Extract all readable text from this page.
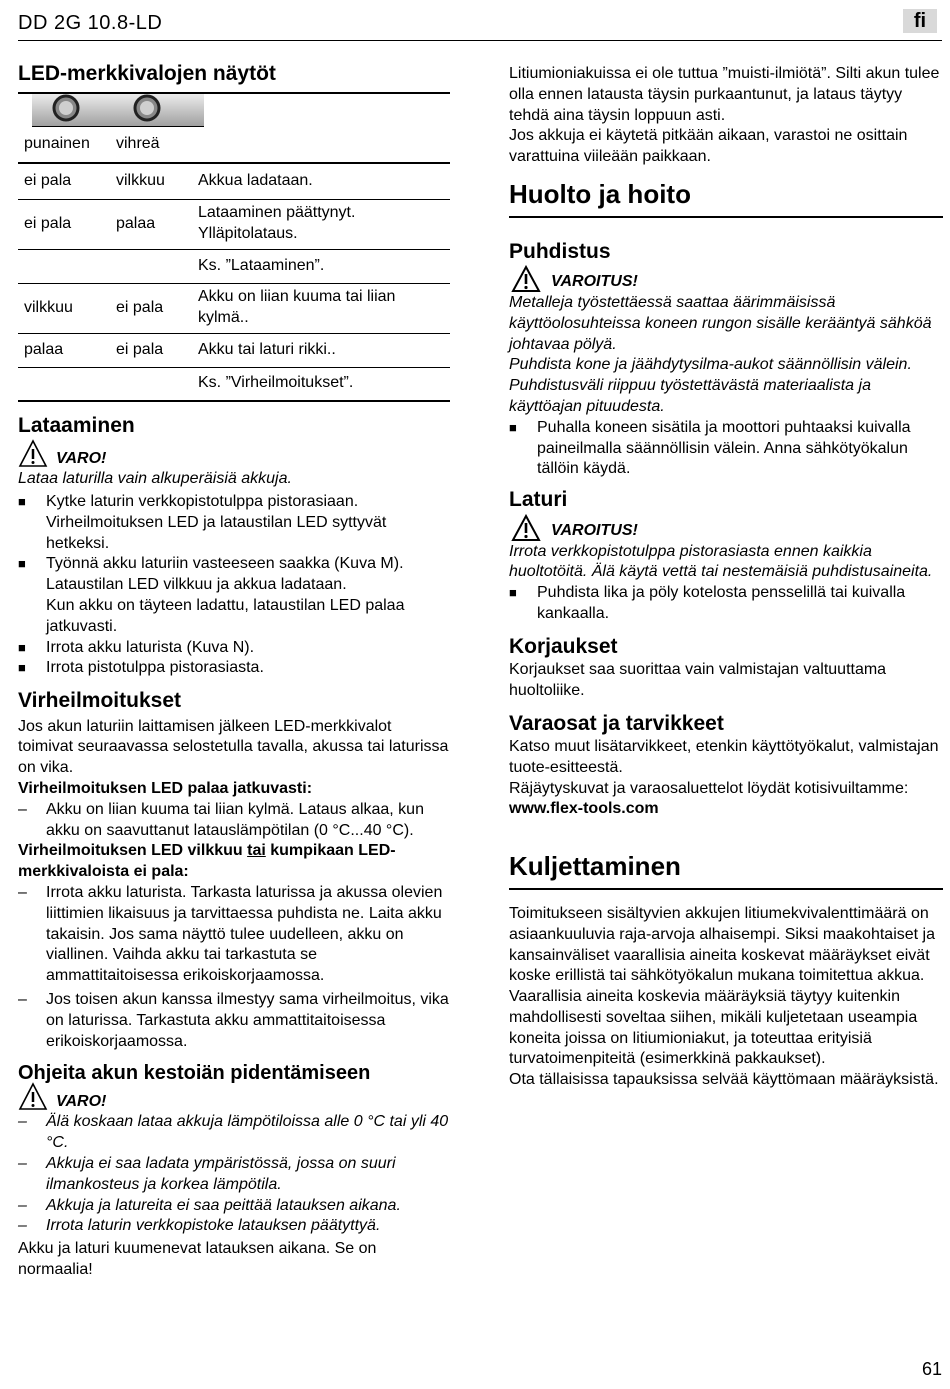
DD 2G 10.8-LD	fi
LED-merkkivalojen näytöt
punainen	vihreä	
ei pala	vilkkuu	Akkua ladataan.
ei pala	palaa	Lataaminen päättynyt. Ylläpitolataus.
		Ks. ”Lataaminen”.
vilkkuu	ei pala	Akku on liian kuuma tai liian kylmä..
palaa	ei pala	Akku tai laturi rikki..
		Ks. ”Virheilmoitukset”.
Lataaminen
VARO!

Lataa laturilla vain alkuperäisiä akkuja.

■	Kytke laturin verkkopistotulppa pistorasiaan.

Virheilmoituksen LED ja lataustilan LED syttyvät hetkeksi.

■	Työnnä akku laturiin vasteeseen saakka (Kuva M).

Lataustilan LED vilkkuu ja akkua ladataan.

Kun akku on täyteen ladattu, lataustilan LED palaa jatkuvasti.

■	Irrota akku laturista (Kuva N).

■	Irrota pistotulppa pistorasiasta.

Virheilmoitukset

Jos akun laturiin laittamisen jälkeen LED-merkkivalot toimivat seuraavassa selostetulla tavalla, akussa tai laturissa on vika.

Virheilmoituksen LED palaa jatkuvasti:

–	Akku on liian kuuma tai liian kylmä. Lataus alkaa, kun akku on saavuttanut latauslämpötilan (0 °C...40 °C).

Virheilmoituksen LED vilkkuu tai kumpikaan LED-merkkivaloista ei pala:

–	Irrota akku laturista. Tarkasta laturissa ja akussa olevien liittimien likaisuus ja tarvittaessa puhdista ne. Laita akku takaisin. Jos sama näyttö tulee uudelleen, akku on viallinen. Vaihda akku tai tarkastuta se ammattitaitoisessa erikoiskorjaamossa.

–	Jos toisen akun kanssa ilmestyy sama virheilmoitus, vika on laturissa. Tarkastuta akku ammattitaitoisessa erikoiskorjaamossa.

Ohjeita akun kestoiän pidentämiseen
VARO!
–	Älä koskaan lataa akkuja lämpötiloissa alle 0 °C tai yli 40 °C.

–	Akkuja ei saa ladata ympäristössä, jossa on suuri ilmankosteus ja korkea lämpötila.

–	Akkuja ja latureita ei saa peittää latauksen aikana.

–	Irrota laturin verkkopistoke latauksen päätyttyä.

Akku ja laturi kuumenevat latauksen aikana. Se on normaalia!

Litiumioniakuissa ei ole tuttua ”muisti-ilmiötä”. Silti akun tulee olla ennen latausta täysin purkaantunut, ja lataus täytyy tehdä aina täysin loppuun asti.

Jos akkuja ei käytetä pitkään aikaan, varastoi ne osittain varattuina viileään paikkaan.

Huolto ja hoito
Puhdistus
VAROITUS!

Metalleja työstettäessä saattaa äärimmäisissä käyttöolosuhteissa koneen rungon sisälle kerääntyä sähköä johtavaa pölyä.

Puhdista kone ja jäähdytysilma-aukot säännöllisin välein. Puhdistusväli riippuu työstettävästä materiaalista ja käyttöajan pituudesta.

■	Puhalla koneen sisätila ja moottori puhtaaksi kuivalla paineilmalla säännöllisin välein. Anna sähkötyökalun tällöin käydä.

Laturi
VAROITUS!

Irrota verkkopistotulppa pistorasiasta ennen kaikkia huoltotöitä. Älä käytä vettä tai nestemäisiä puhdistusaineita.

■	Puhdista lika ja pöly kotelosta pensselillä tai kuivalla kankaalla.

Korjaukset

Korjaukset saa suorittaa vain valmistajan valtuuttama huoltoliike.

Varaosat ja tarvikkeet

Katso muut lisätarvikkeet, etenkin käyttötyökalut, valmistajan tuote-esitteestä.

Räjäytyskuvat ja varaosaluettelot löydät kotisivuiltamme:

www.flex-tools.com

Kuljettaminen

Toimitukseen sisältyvien akkujen litiumekvivalenttimäärä on asiaankuuluvia raja-arvoja alhaisempi. Siksi maakohtaiset ja kansainväliset vaarallisia aineita koskevat määräykset eivät koske erillistä tai sähkötyökalun mukana toimitettua akkua. Vaarallisia aineita koskevia määräyksiä täytyy kuitenkin mahdollisesti soveltaa siihen, mikäli kuljetetaan useampia koneita joissa on litiumioniakut, ja toteuttaa erityisiä turvatoimenpiteitä (esimerkkinä pakkaukset).

Ota tällaisissa tapauksissa selvää käyttömaan määräyksistä.

61
